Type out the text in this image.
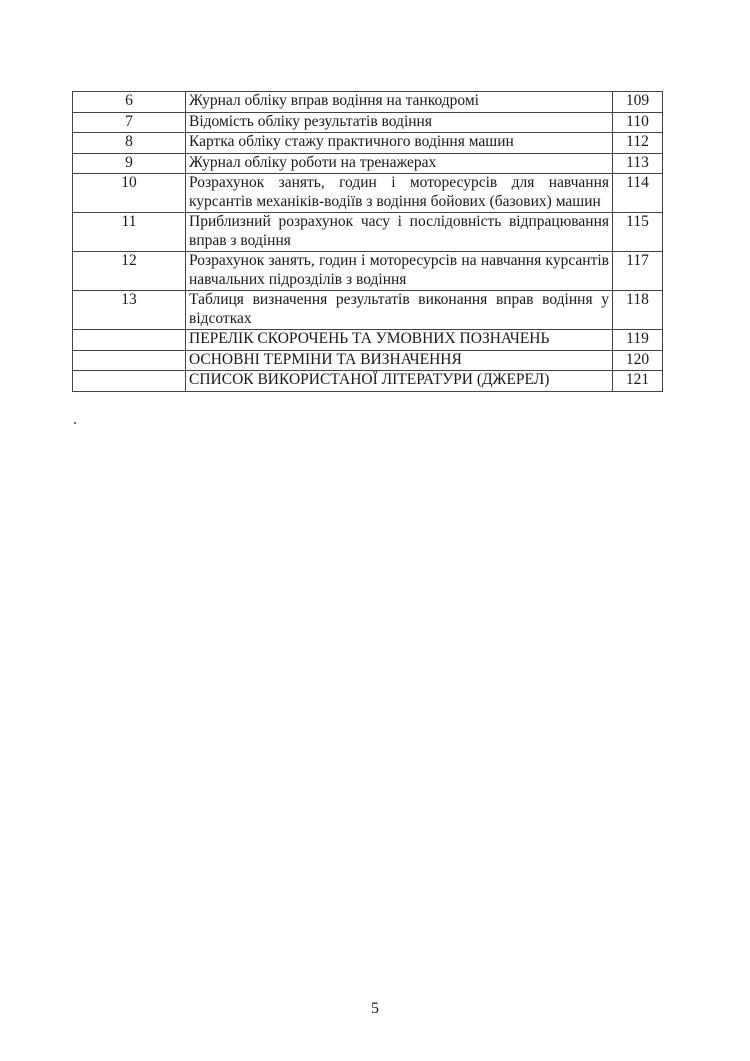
6	Журнал обліку вправ водіння на танкодромі	109
7	Відомість обліку результатів водіння	110
8	Картка обліку стажу практичного водіння машин	112
9	Журнал обліку роботи на тренажерах	113
10	Розрахунок занять, годин і моторесурсів для навчання курсантів механіків-водіїв з водіння бойових (базових) машин	114
11	Приблизний розрахунок часу і послідовність відпрацювання вправ з водіння	115
12	Розрахунок занять, годин і моторесурсів на навчання курсантів навчальних підрозділів з водіння	117
13	Таблиця визначення результатів виконання вправ водіння у відсотках	118
	ПЕРЕЛІК СКОРОЧЕНЬ ТА УМОВНИХ ПОЗНАЧЕНЬ	119
	ОСНОВНІ ТЕРМІНИ ТА ВИЗНАЧЕННЯ	120
	СПИСОК ВИКОРИСТАНОЇ ЛІТЕРАТУРИ (ДЖЕРЕЛ)	121
5
